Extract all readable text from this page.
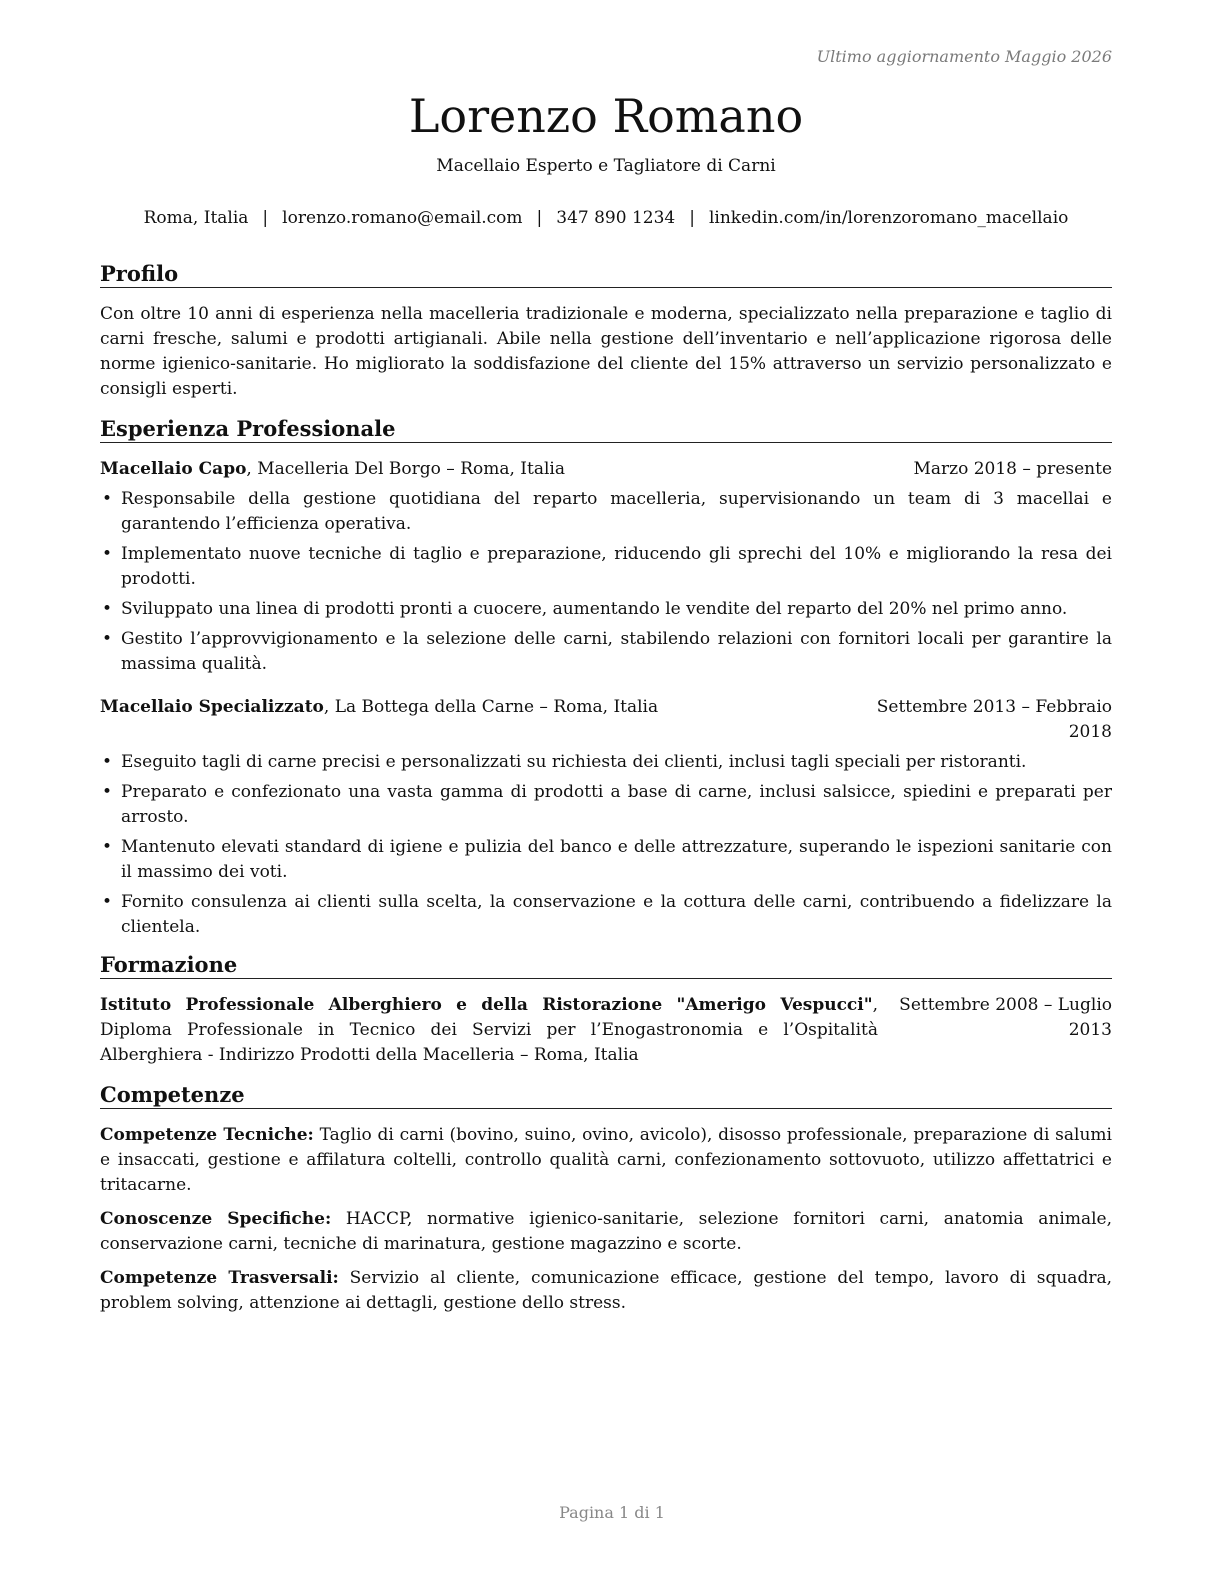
Ultimo aggiornamento Maggio 2026
Lorenzo Romano
Macellaio Esperto e Tagliatore di Carni
Roma, Italia | lorenzo.romano@email.com | 347 890 1234 | linkedin.com/in/lorenzoromano_macellaio
Profilo
Con oltre 10 anni di esperienza nella macelleria tradizionale e moderna, specializzato nella preparazione e taglio di carni fresche, salumi e prodotti artigianali. Abile nella gestione dell’inventario e nell’applicazione rigorosa delle norme igienico-sanitarie. Ho migliorato la soddisfazione del cliente del 15% attraverso un servizio personalizzato e consigli esperti.
Esperienza Professionale
Macellaio Capo, Macelleria Del Borgo – Roma, Italia	Marzo 2018 – presente
• Responsabile della gestione quotidiana del reparto macelleria, supervisionando un team di 3 macellai e garantendo l’efficienza operativa.
• Implementato nuove tecniche di taglio e preparazione, riducendo gli sprechi del 10% e migliorando la resa dei prodotti.
• Sviluppato una linea di prodotti pronti a cuocere, aumentando le vendite del reparto del 20% nel primo anno.
• Gestito l’approvvigionamento e la selezione delle carni, stabilendo relazioni con fornitori locali per garantire la massima qualità.
Macellaio Specializzato, La Bottega della Carne – Roma, Italia	Settembre 2013 – Febbraio 2018
• Eseguito tagli di carne precisi e personalizzati su richiesta dei clienti, inclusi tagli speciali per ristoranti.
• Preparato e confezionato una vasta gamma di prodotti a base di carne, inclusi salsicce, spiedini e preparati per arrosto.
• Mantenuto elevati standard di igiene e pulizia del banco e delle attrezzature, superando le ispezioni sanitarie con il massimo dei voti.
• Fornito consulenza ai clienti sulla scelta, la conservazione e la cottura delle carni, contribuendo a fidelizzare la clientela.
Formazione
Istituto Professionale Alberghiero e della Ristorazione "Amerigo Vespucci", Diploma Professionale in Tecnico dei Servizi per l’Enogastronomia e l’Ospitalità Alberghiera - Indirizzo Prodotti della Macelleria – Roma, Italia
Settembre 2008 – Luglio 2013
Competenze
Competenze Tecniche: Taglio di carni (bovino, suino, ovino, avicolo), disosso professionale, preparazione di salumi e insaccati, gestione e affilatura coltelli, controllo qualità carni, confezionamento sottovuoto, utilizzo affettatrici e tritacarne.
Conoscenze Specifiche: HACCP, normative igienico-sanitarie, selezione fornitori carni, anatomia animale, conservazione carni, tecniche di marinatura, gestione magazzino e scorte.
Competenze Trasversali: Servizio al cliente, comunicazione efficace, gestione del tempo, lavoro di squadra, problem solving, attenzione ai dettagli, gestione dello stress.
Pagina 1 di 1
